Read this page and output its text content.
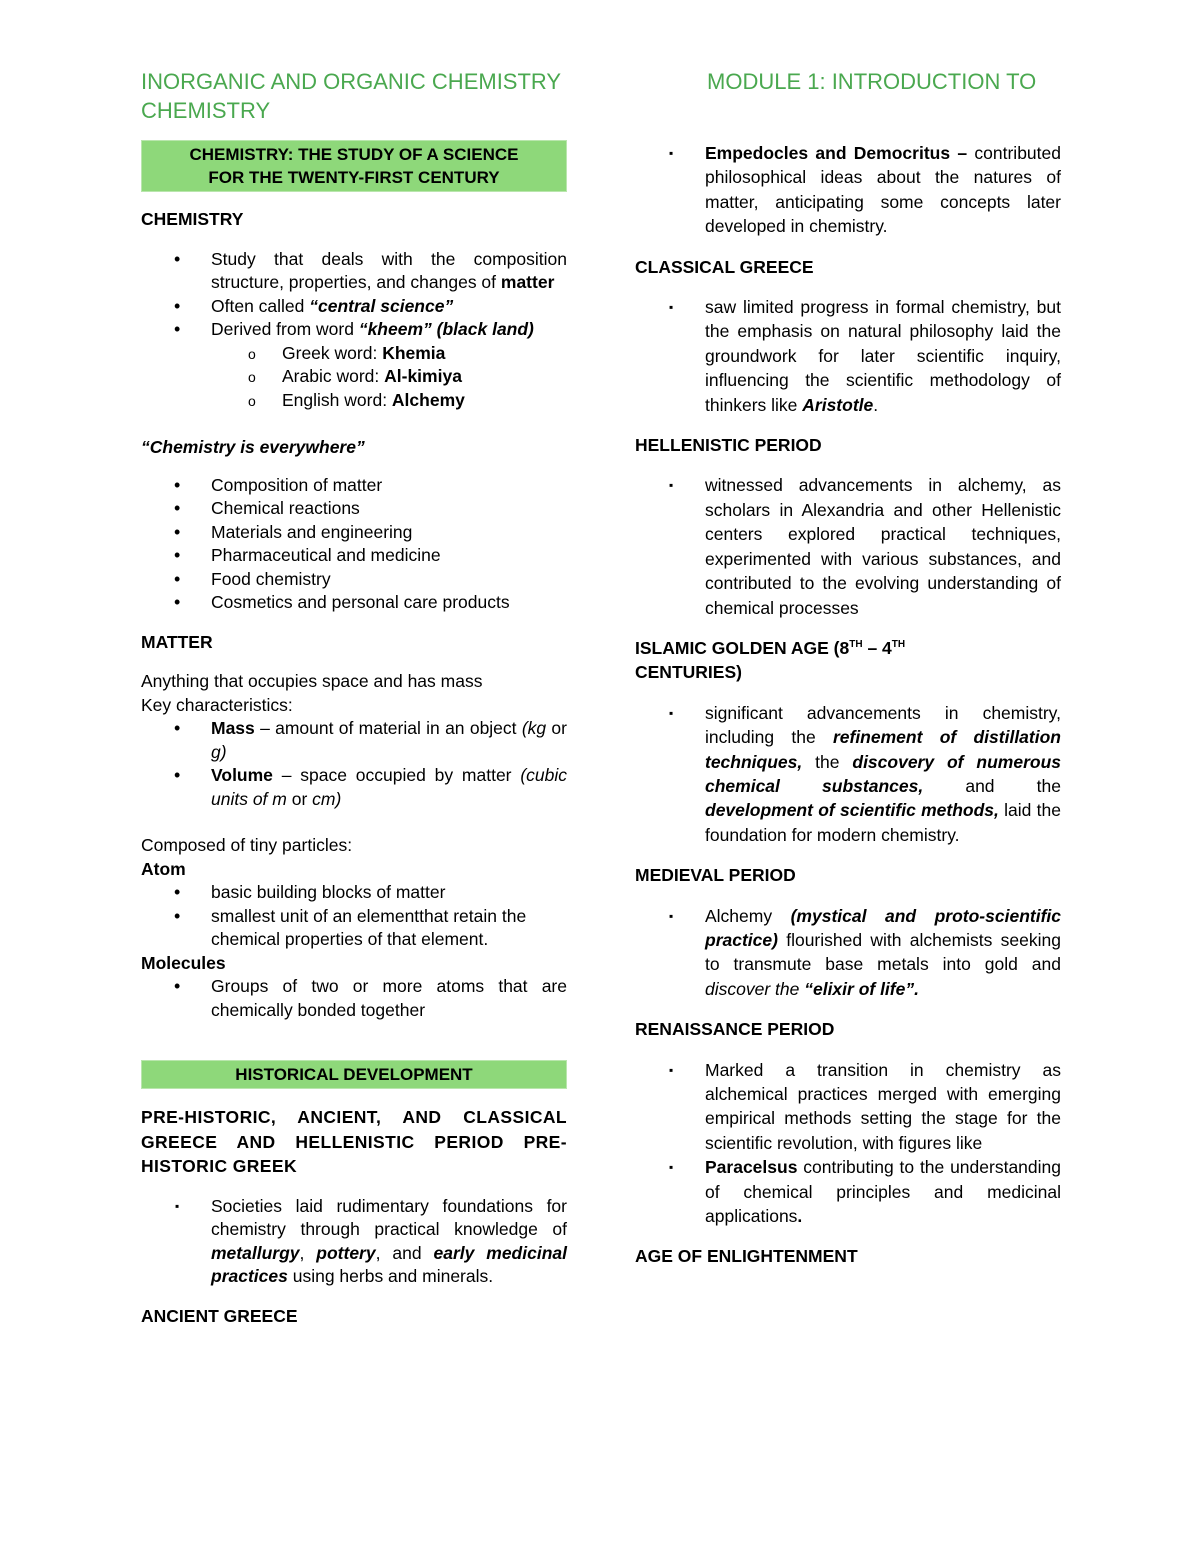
INORGANIC AND ORGANIC CHEMISTRY	MODULE 1: INTRODUCTION TO
CHEMISTRY
CHEMISTRY: THE STUDY OF A SCIENCE
FOR THE TWENTY-FIRST CENTURY
CHEMISTRY
• Study that deals with the composition structure, properties, and changes of matter
• Often called “central science”
• Derived from word “kheem” (black land)
o Greek word: Khemia
o Arabic word: Al-kimiya
o English word: Alchemy
“Chemistry is everywhere”
• Composition of matter
• Chemical reactions
• Materials and engineering
• Pharmaceutical and medicine
• Food chemistry
• Cosmetics and personal care products
MATTER
Anything that occupies space and has mass
Key characteristics:
• Mass – amount of material in an object (kg or g)
• Volume – space occupied by matter (cubic units of m or cm)
Composed of tiny particles:
Atom
• basic building blocks of matter
• smallest unit of an elementthat retain the chemical properties of that element.
Molecules
• Groups of two or more atoms that are chemically bonded together
HISTORICAL DEVELOPMENT
PRE-HISTORIC, ANCIENT, AND CLASSICAL GREECE AND HELLENISTIC PERIOD PRE-HISTORIC GREEK
▪ Societies laid rudimentary foundations for chemistry through practical knowledge of metallurgy, pottery, and early medicinal practices using herbs and minerals.
ANCIENT GREECE
▪ Empedocles and Democritus – contributed philosophical ideas about the natures of matter, anticipating some concepts later developed in chemistry.
CLASSICAL GREECE
▪ saw limited progress in formal chemistry, but the emphasis on natural philosophy laid the groundwork for later scientific inquiry, influencing the scientific methodology of thinkers like Aristotle.
HELLENISTIC PERIOD
▪ witnessed advancements in alchemy, as scholars in Alexandria and other Hellenistic centers explored practical techniques, experimented with various substances, and contributed to the evolving understanding of chemical processes
ISLAMIC GOLDEN AGE (8TH – 4TH
CENTURIES)
▪ significant advancements in chemistry, including the refinement of distillation techniques, the discovery of numerous chemical substances, and the development of scientific methods, laid the foundation for modern chemistry.
MEDIEVAL PERIOD
▪ Alchemy (mystical and proto-scientific practice) flourished with alchemists seeking to transmute base metals into gold and discover the “elixir of life”.
RENAISSANCE PERIOD
▪ Marked a transition in chemistry as alchemical practices merged with emerging empirical methods setting the stage for the scientific revolution, with figures like
▪ Paracelsus contributing to the understanding of chemical principles and medicinal applications.
AGE OF ENLIGHTENMENT
